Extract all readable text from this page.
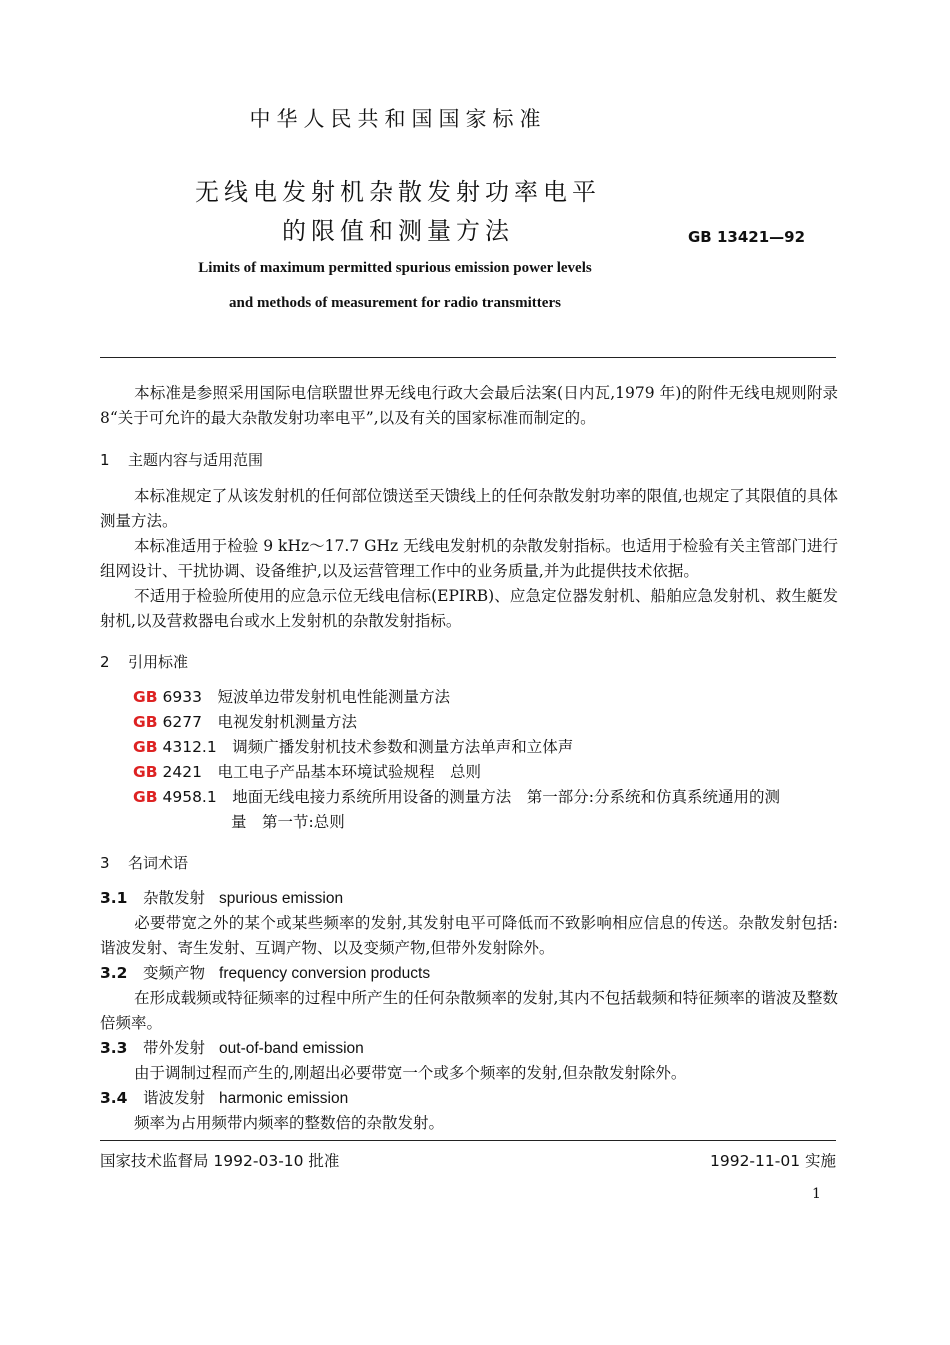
中华人民共和国国家标准
无线电发射机杂散发射功率电平
的限值和测量方法	GB 13421—92
Limits of maximum permitted spurious emission power levels
and methods of measurement for radio transmitters
本标准是参照采用国际电信联盟世界无线电行政大会最后法案(日内瓦,1979 年)的附件无线电规则附录 8“关于可允许的最大杂散发射功率电平”,以及有关的国家标准而制定的。
1 主题内容与适用范围
本标准规定了从该发射机的任何部位馈送至天馈线上的任何杂散发射功率的限值,也规定了其限值的具体测量方法。
本标准适用于检验 9 kHz～17.7 GHz 无线电发射机的杂散发射指标。也适用于检验有关主管部门进行组网设计、干扰协调、设备维护,以及运营管理工作中的业务质量,并为此提供技术依据。
不适用于检验所使用的应急示位无线电信标(EPIRB)、应急定位器发射机、船舶应急发射机、救生艇发射机,以及营救器电台或水上发射机的杂散发射指标。
2 引用标准
GB 6933　 短波单边带发射机电性能测量方法
GB 6277　 电视发射机测量方法
GB 4312.1　 调频广播发射机技术参数和测量方法单声和立体声
GB 2421　 电工电子产品基本环境试验规程　总则
GB 4958.1　 地面无线电接力系统所用设备的测量方法　第一部分:分系统和仿真系统通用的测
量　第一节:总则
3 名词术语
3.1 杂散发射 spurious emission
必要带宽之外的某个或某些频率的发射,其发射电平可降低而不致影响相应信息的传送。杂散发射包括:谐波发射、寄生发射、互调产物、以及变频产物,但带外发射除外。
3.2 变频产物 frequency conversion products
在形成载频或特征频率的过程中所产生的任何杂散频率的发射,其内不包括载频和特征频率的谐波及整数倍频率。
3.3 带外发射 out-of-band emission
由于调制过程而产生的,刚超出必要带宽一个或多个频率的发射,但杂散发射除外。
3.4 谐波发射 harmonic emission
频率为占用频带内频率的整数倍的杂散发射。
国家技术监督局 1992-03-10 批准	1992-11-01 实施
1
